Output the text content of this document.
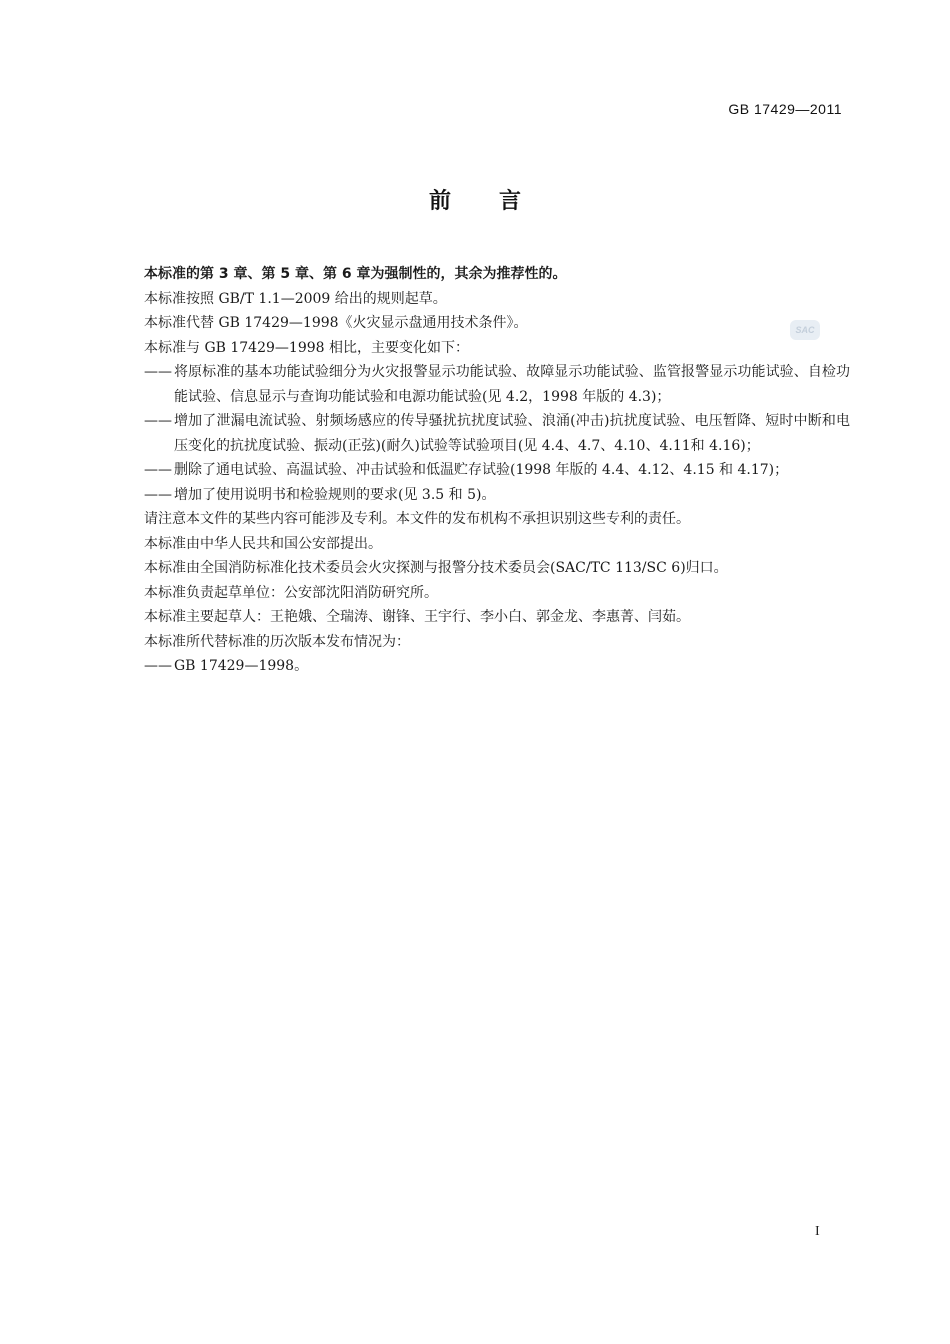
GB 17429—2011
前言
SAC

本标准的第 3 章、第 5 章、第 6 章为强制性的，其余为推荐性的。

本标准按照 GB/T 1.1—2009 给出的规则起草。

本标准代替 GB 17429—1998《火灾显示盘通用技术条件》。

本标准与 GB 17429—1998 相比，主要变化如下：

—— 将原标准的基本功能试验细分为火灾报警显示功能试验、故障显示功能试验、监管报警显示功能试验、自检功能试验、信息显示与查询功能试验和电源功能试验(见 4.2，1998 年版的 4.3)；
—— 增加了泄漏电流试验、射频场感应的传导骚扰抗扰度试验、浪涌(冲击)抗扰度试验、电压暂降、短时中断和电压变化的抗扰度试验、振动(正弦)(耐久)试验等试验项目(见 4.4、4.7、4.10、4.11和 4.16)；
—— 删除了通电试验、高温试验、冲击试验和低温贮存试验(1998 年版的 4.4、4.12、4.15 和 4.17)；
—— 增加了使用说明书和检验规则的要求(见 3.5 和 5)。

请注意本文件的某些内容可能涉及专利。本文件的发布机构不承担识别这些专利的责任。

本标准由中华人民共和国公安部提出。

本标准由全国消防标准化技术委员会火灾探测与报警分技术委员会(SAC/TC 113/SC 6)归口。

本标准负责起草单位：公安部沈阳消防研究所。

本标准主要起草人：王艳娥、仝瑞涛、谢锋、王宇行、李小白、郭金龙、李惠菁、闫茹。

本标准所代替标准的历次版本发布情况为：

—— GB 17429—1998。
I
